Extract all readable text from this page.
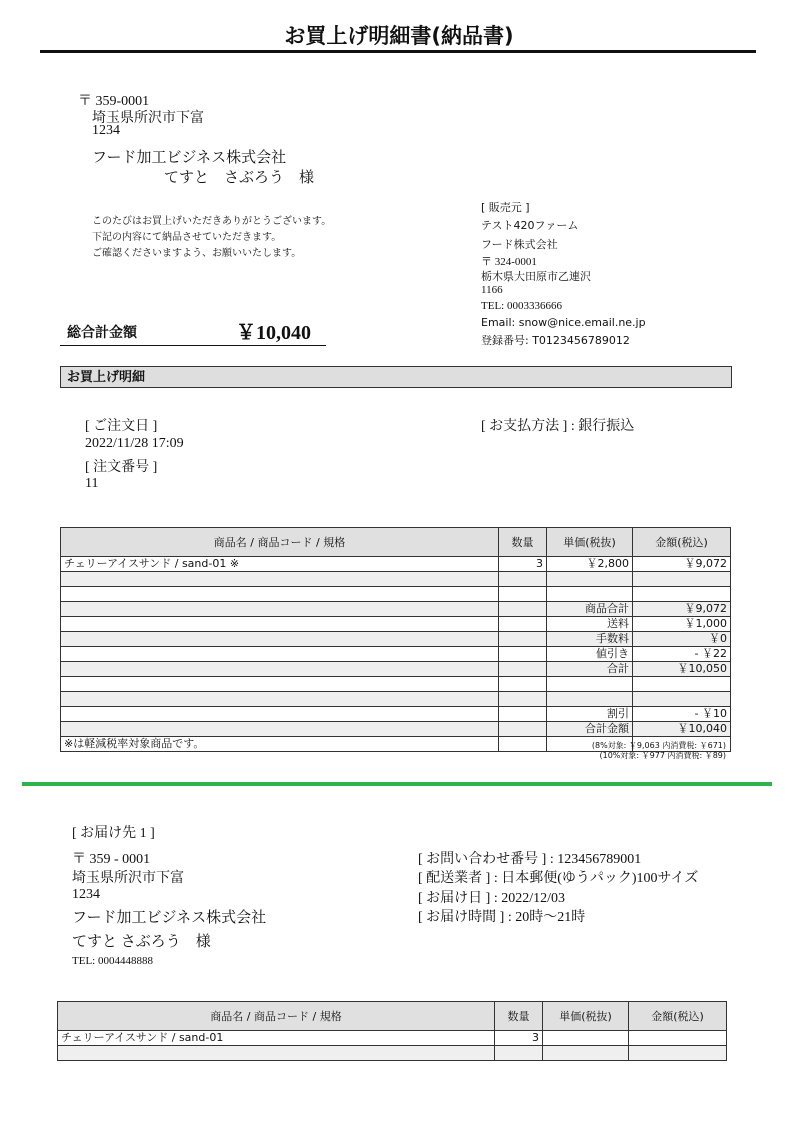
お買上げ明細書(納品書)
〒 359-0001
埼玉県所沢市下富
1234
フード加工ビジネス株式会社
てすと　さぶろう　様
このたびはお買上げいただきありがとうございます。
下記の内容にて納品させていただきます。
ご確認くださいますよう、お願いいたします。
[ 販売元 ]
テスト420ファーム
フード株式会社
〒 324-0001
栃木県大田原市乙連沢
1166
TEL: 0003336666
Email: snow@nice.email.ne.jp
登録番号: T0123456789012
総合計金額	￥10,040
お買上げ明細
[ ご注文日 ]
2022/11/28 17:09
[ 注文番号 ]
11
[ お支払方法 ] : 銀行振込
商品名 / 商品コード / 規格	数量	単価(税抜)	金額(税込)
チェリーアイスサンド / sand-01 ※	3	￥2,800	￥9,072

		商品合計	￥9,072
		送料	￥1,000
		手数料	￥0
		値引き	- ￥22
		合計	￥10,050

		割引	- ￥10
		合計金額	￥10,040
※は軽減税率対象商品です。				(8%対象: ￥9,063 内消費税: ￥671)
(10%対象: ￥977 内消費税: ￥89)
[ お届け先 1 ]
〒 359 - 0001
埼玉県所沢市下富
1234
フード加工ビジネス株式会社
てすと さぶろう　様
TEL: 0004448888
[ お問い合わせ番号 ] : 123456789001
[ 配送業者 ] : 日本郵便(ゆうパック)100サイズ
[ お届け日 ] : 2022/12/03
[ お届け時間 ] : 20時～21時
商品名 / 商品コード / 規格	数量	単価(税抜)	金額(税込)
チェリーアイスサンド / sand-01	3		
